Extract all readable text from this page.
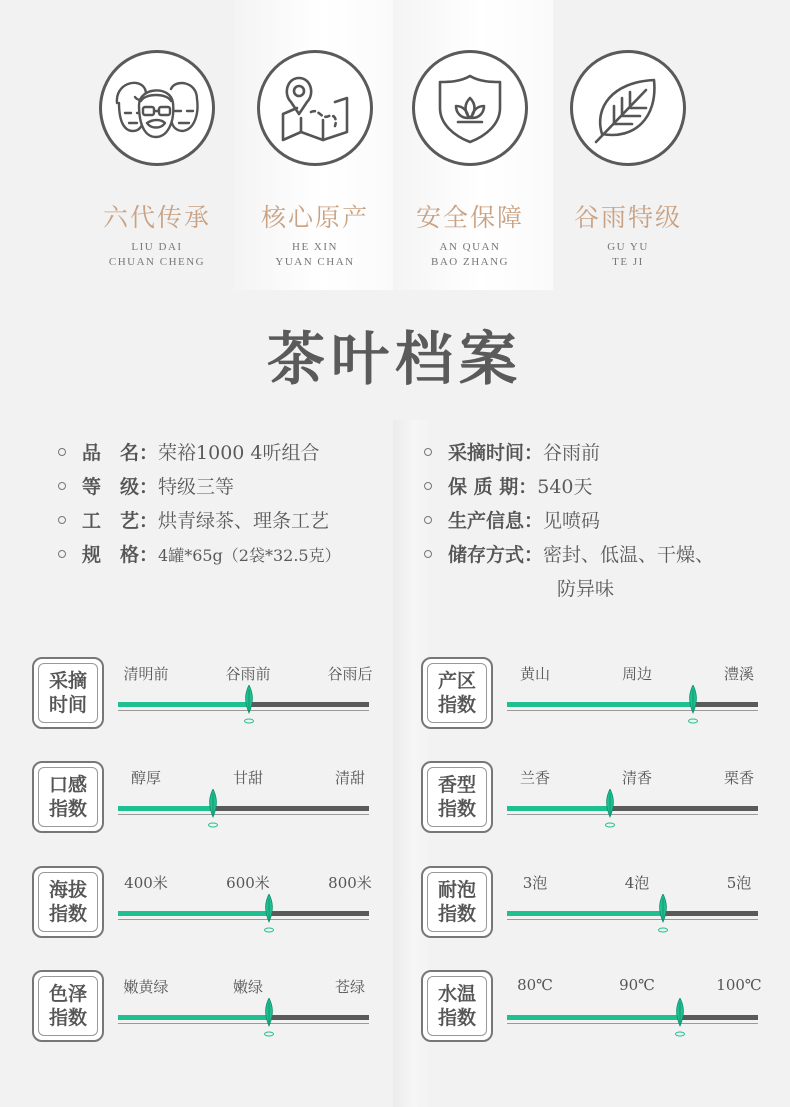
六代传承
LIU DAI
CHUAN CHENG
核心原产
HE XIN
YUAN CHAN
安全保障
AN QUAN
BAO ZHANG
谷雨特级
GU YU
TE JI
茶叶档案
品　名：荣裕1000 4听组合
等　级：特级三等
工　艺：烘青绿茶、理条工艺
规　格：4罐*65g（2袋*32.5克）
采摘时间：谷雨前
保 质 期：540天
生产信息：见喷码
储存方式：密封、低温、干燥、
防异味
采摘
时间
清明前	谷雨前	谷雨后	产区
指数
黄山	周边	澧溪
口感
指数
醇厚	甘甜	清甜	香型
指数
兰香	清香	栗香
海拔
指数
400米	600米	800米	耐泡
指数
3泡	4泡	5泡
色泽
指数
嫩黄绿	嫩绿	苍绿	水温
指数
80℃	90℃	100℃
